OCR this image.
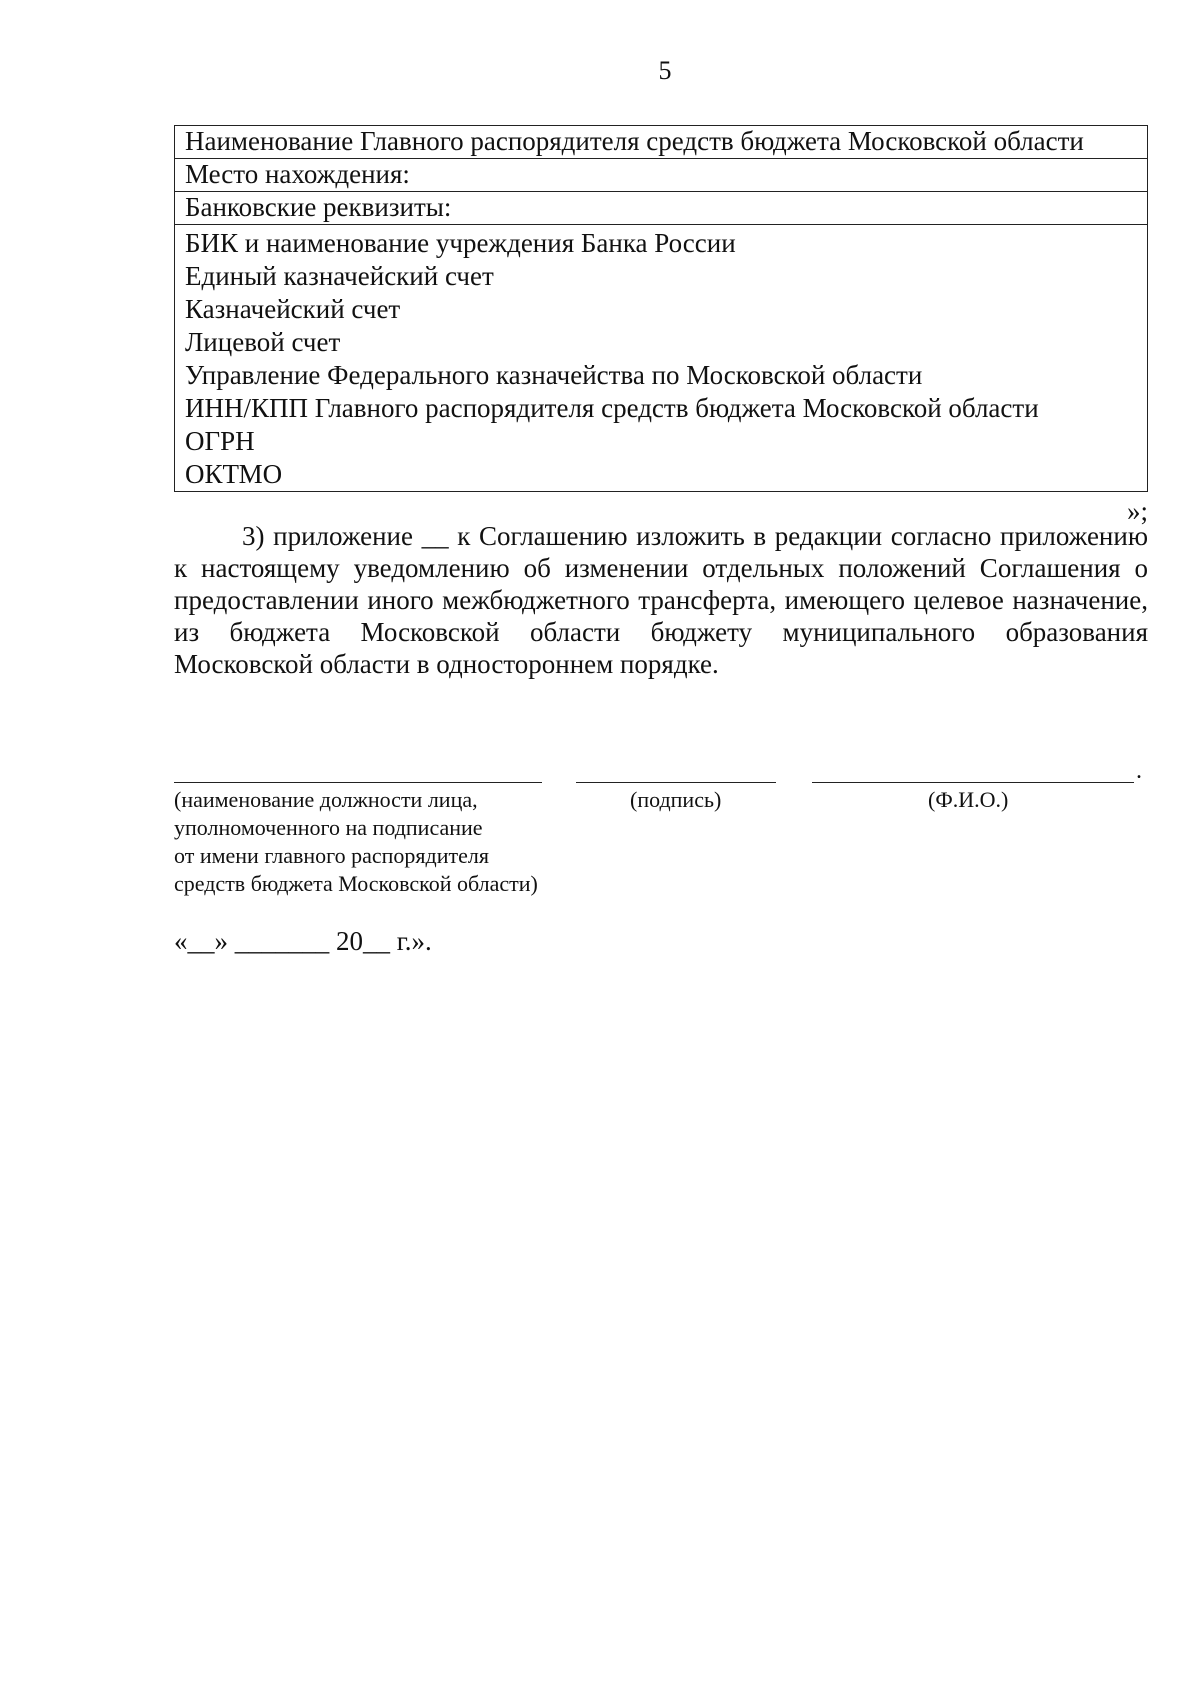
5
Наименование Главного распорядителя средств бюджета Московской области
Место нахождения:
Банковские реквизиты:
БИК и наименование учреждения Банка России
Единый казначейский счет
Казначейский счет
Лицевой счет
Управление Федерального казначейства по Московской области
ИНН/КПП Главного распорядителя средств бюджета Московской области
ОГРН
ОКТМО
»;
3) приложение __ к Соглашению изложить в редакции согласно приложению к настоящему уведомлению об изменении отдельных положений Соглашения о предоставлении иного межбюджетного трансферта, имеющего целевое назначение, из бюджета Московской области бюджету муниципального образования Московской области в одностороннем порядке.
.
(наименование должности лица,
уполномоченного на подписание
от имени главного распорядителя
средств бюджета Московской области)
(подпись)	(Ф.И.О.)
«__» _______ 20__ г.».
